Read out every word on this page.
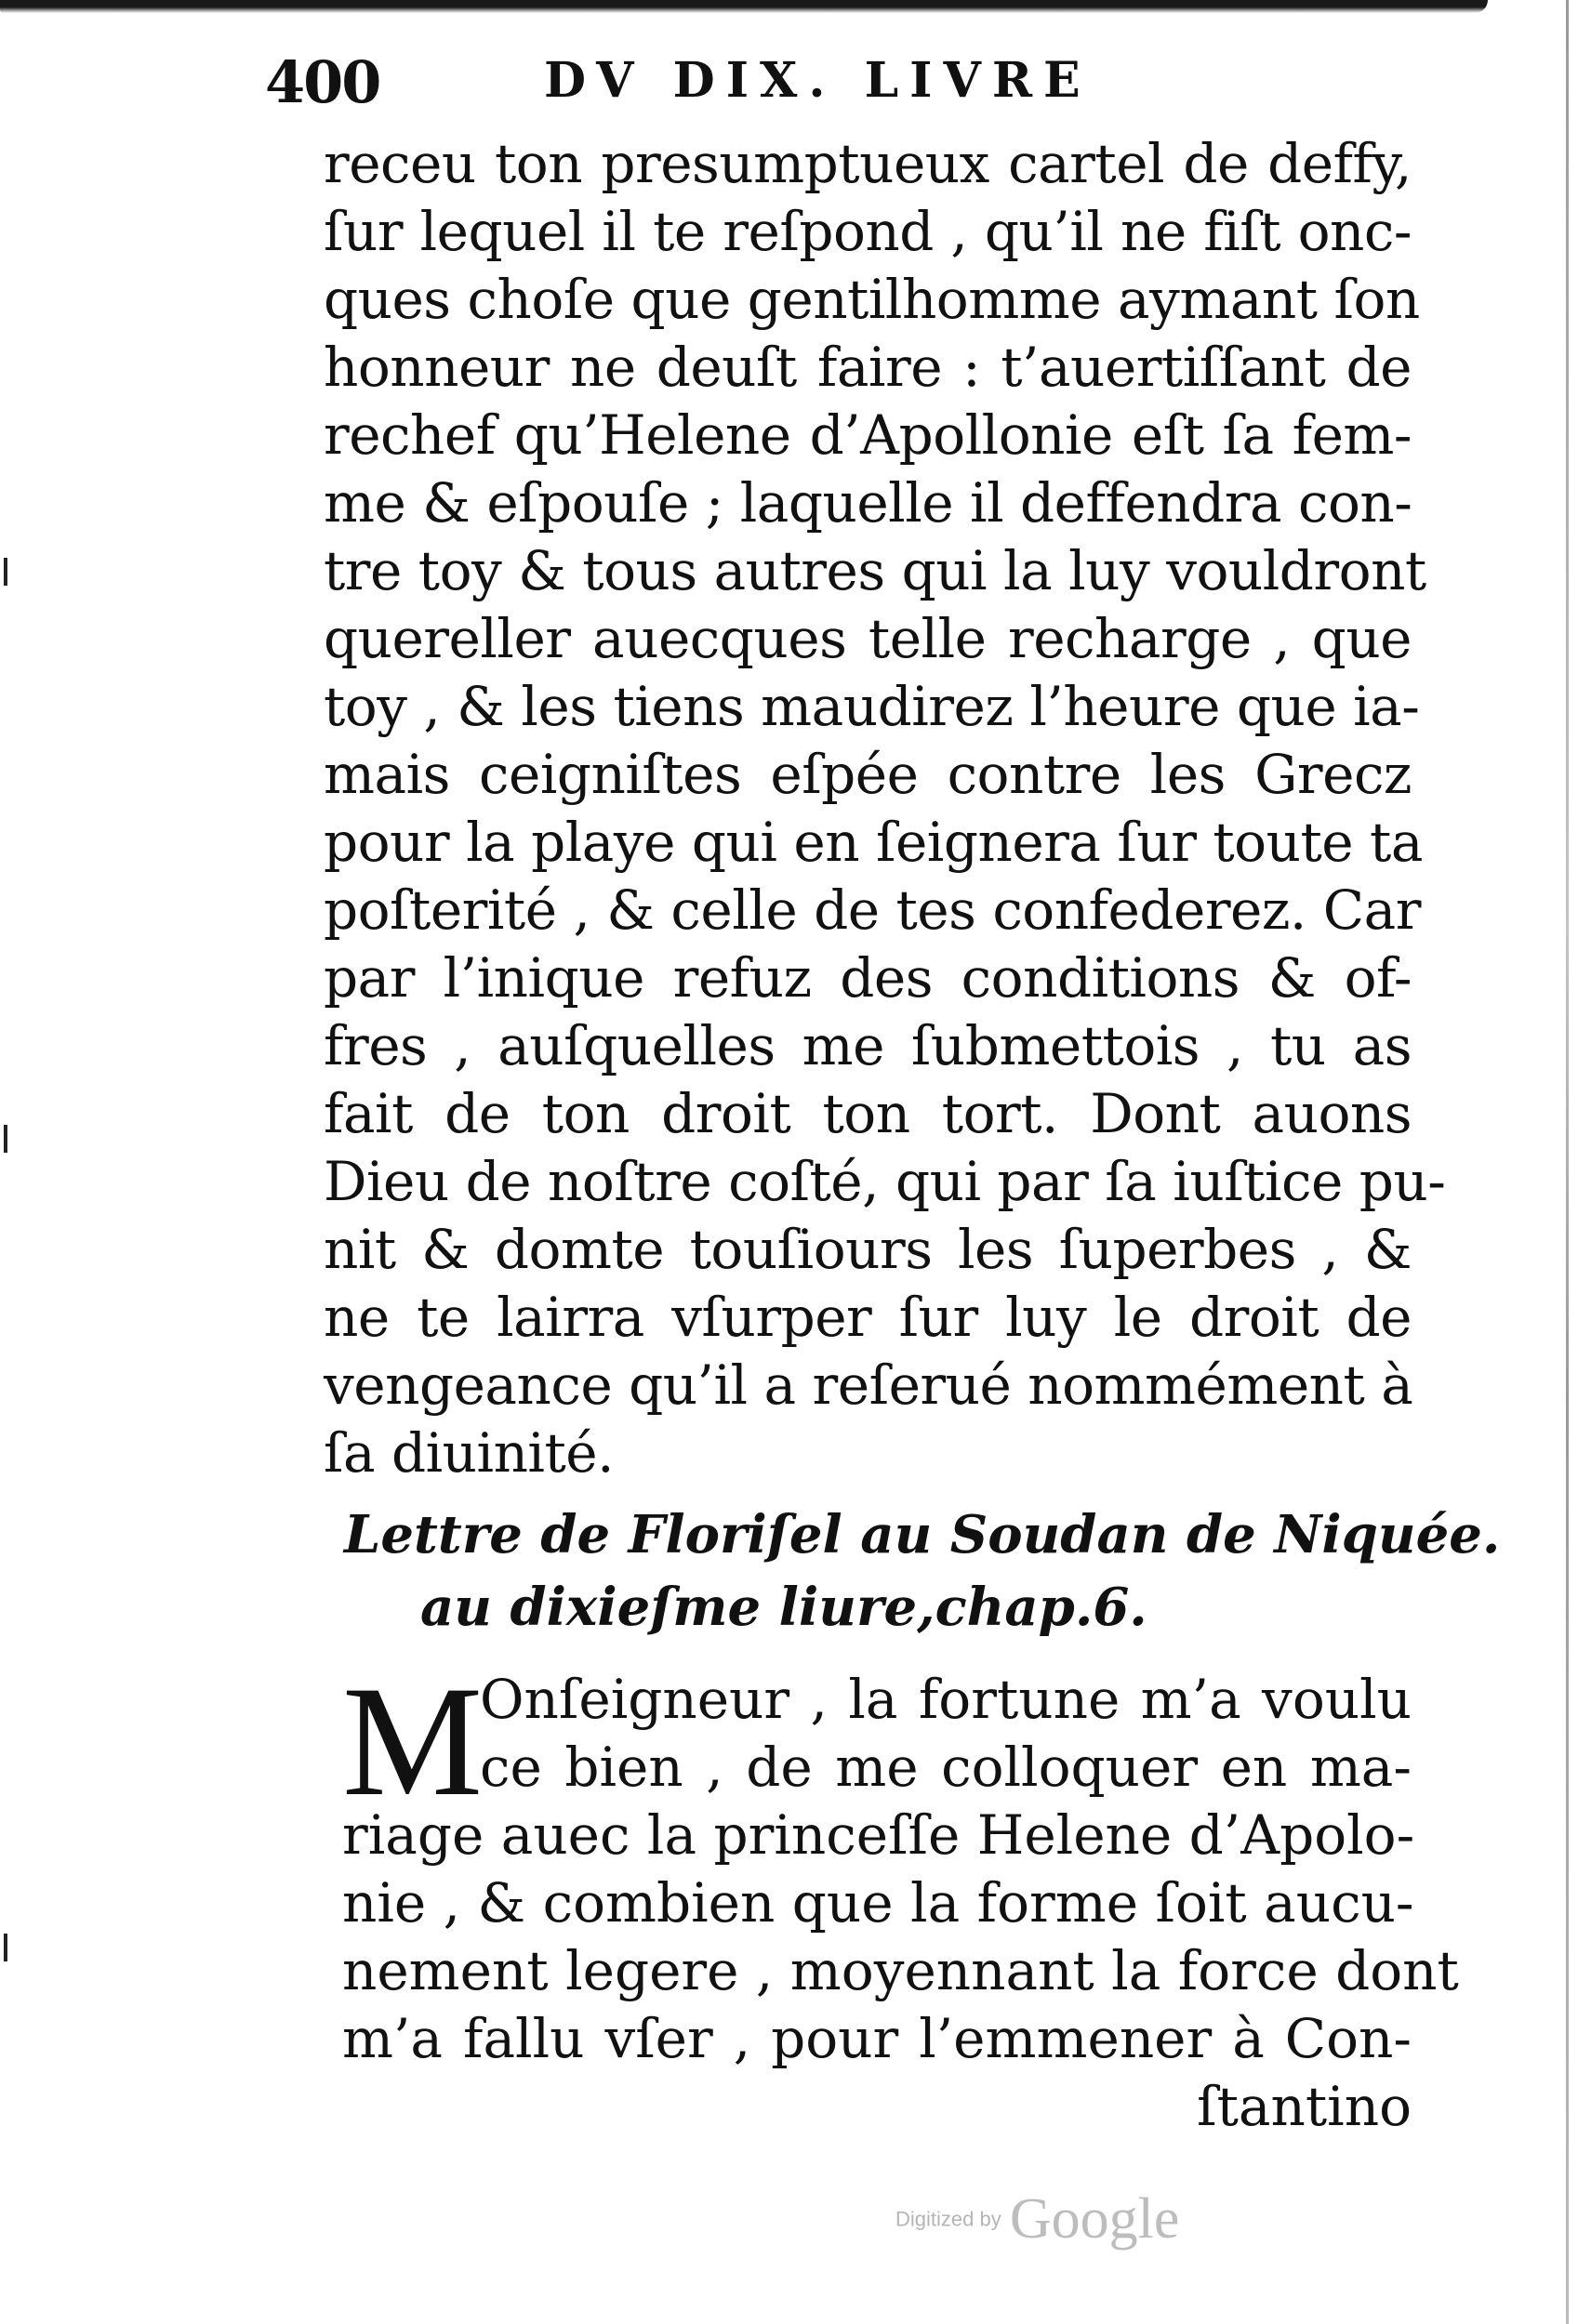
400	DV DIX. LIVRE
receu ton presumptueux cartel de deffy,
ſur lequel il te reſpond , qu’il ne fiſt onc-
ques choſe que gentilhomme aymant ſon
honneur ne deuſt faire : t’auertiſſant de
rechef qu’Helene d’Apollonie eſt ſa fem-
me & eſpouſe ; laquelle il deffendra con-
tre toy & tous autres qui la luy vouldront
quereller auecques telle recharge , que
toy , & les tiens maudirez l’heure que ia-
mais ceigniſtes eſpée contre les Grecz
pour la playe qui en ſeignera ſur toute ta
poſterité , & celle de tes confederez. Car
par l’inique refuz des conditions & of-
fres , auſquelles me ſubmettois , tu as
fait de ton droit ton tort. Dont auons
Dieu de noſtre coſté, qui par ſa iuſtice pu-
nit & domte touſiours les ſuperbes , &
ne te lairra vſurper ſur luy le droit de
vengeance qu’il a reſerué nommément à
ſa diuinité.
Lettre de Floriſel au Soudan de Niquée.
au dixieſme liure,chap.6.
M
Onſeigneur , la fortune m’a voulu
ce bien , de me colloquer en ma-
riage auec la princeſſe Helene d’Apolo-
nie , & combien que la forme ſoit aucu-
nement legere , moyennant la force dont
m’a fallu vſer , pour l’emmener à Con-
ſtantino
Digitized by Google
